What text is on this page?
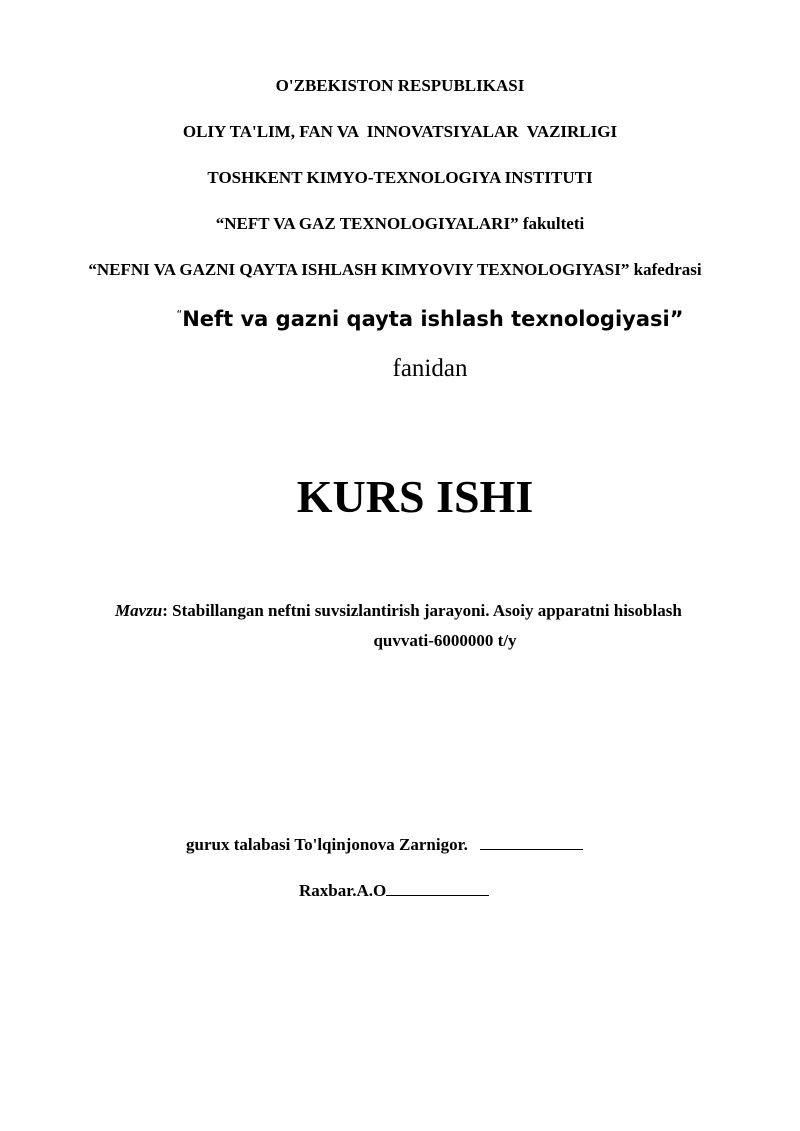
O'ZBEKISTON RESPUBLIKASI
OLIY TA'LIM, FAN VA  INNOVATSIYALAR  VAZIRLIGI
TOSHKENT KIMYO-TEXNOLOGIYA INSTITUTI
“NEFT VA GAZ TEXNOLOGIYALARI” fakulteti
“NEFNI VA GAZNI QAYTA ISHLASH KIMYOVIY TEXNOLOGIYASI” kafedrasi
“Neft va gazni qayta ishlash texnologiyasi”
fanidan
KURS ISHI
Mavzu: Stabillangan neftni suvsizlantirish jarayoni. Asoiy apparatni hisoblash
quvvati-6000000 t/y
gurux talabasi To'lqinjonova Zarnigor.
Raxbar.A.O
